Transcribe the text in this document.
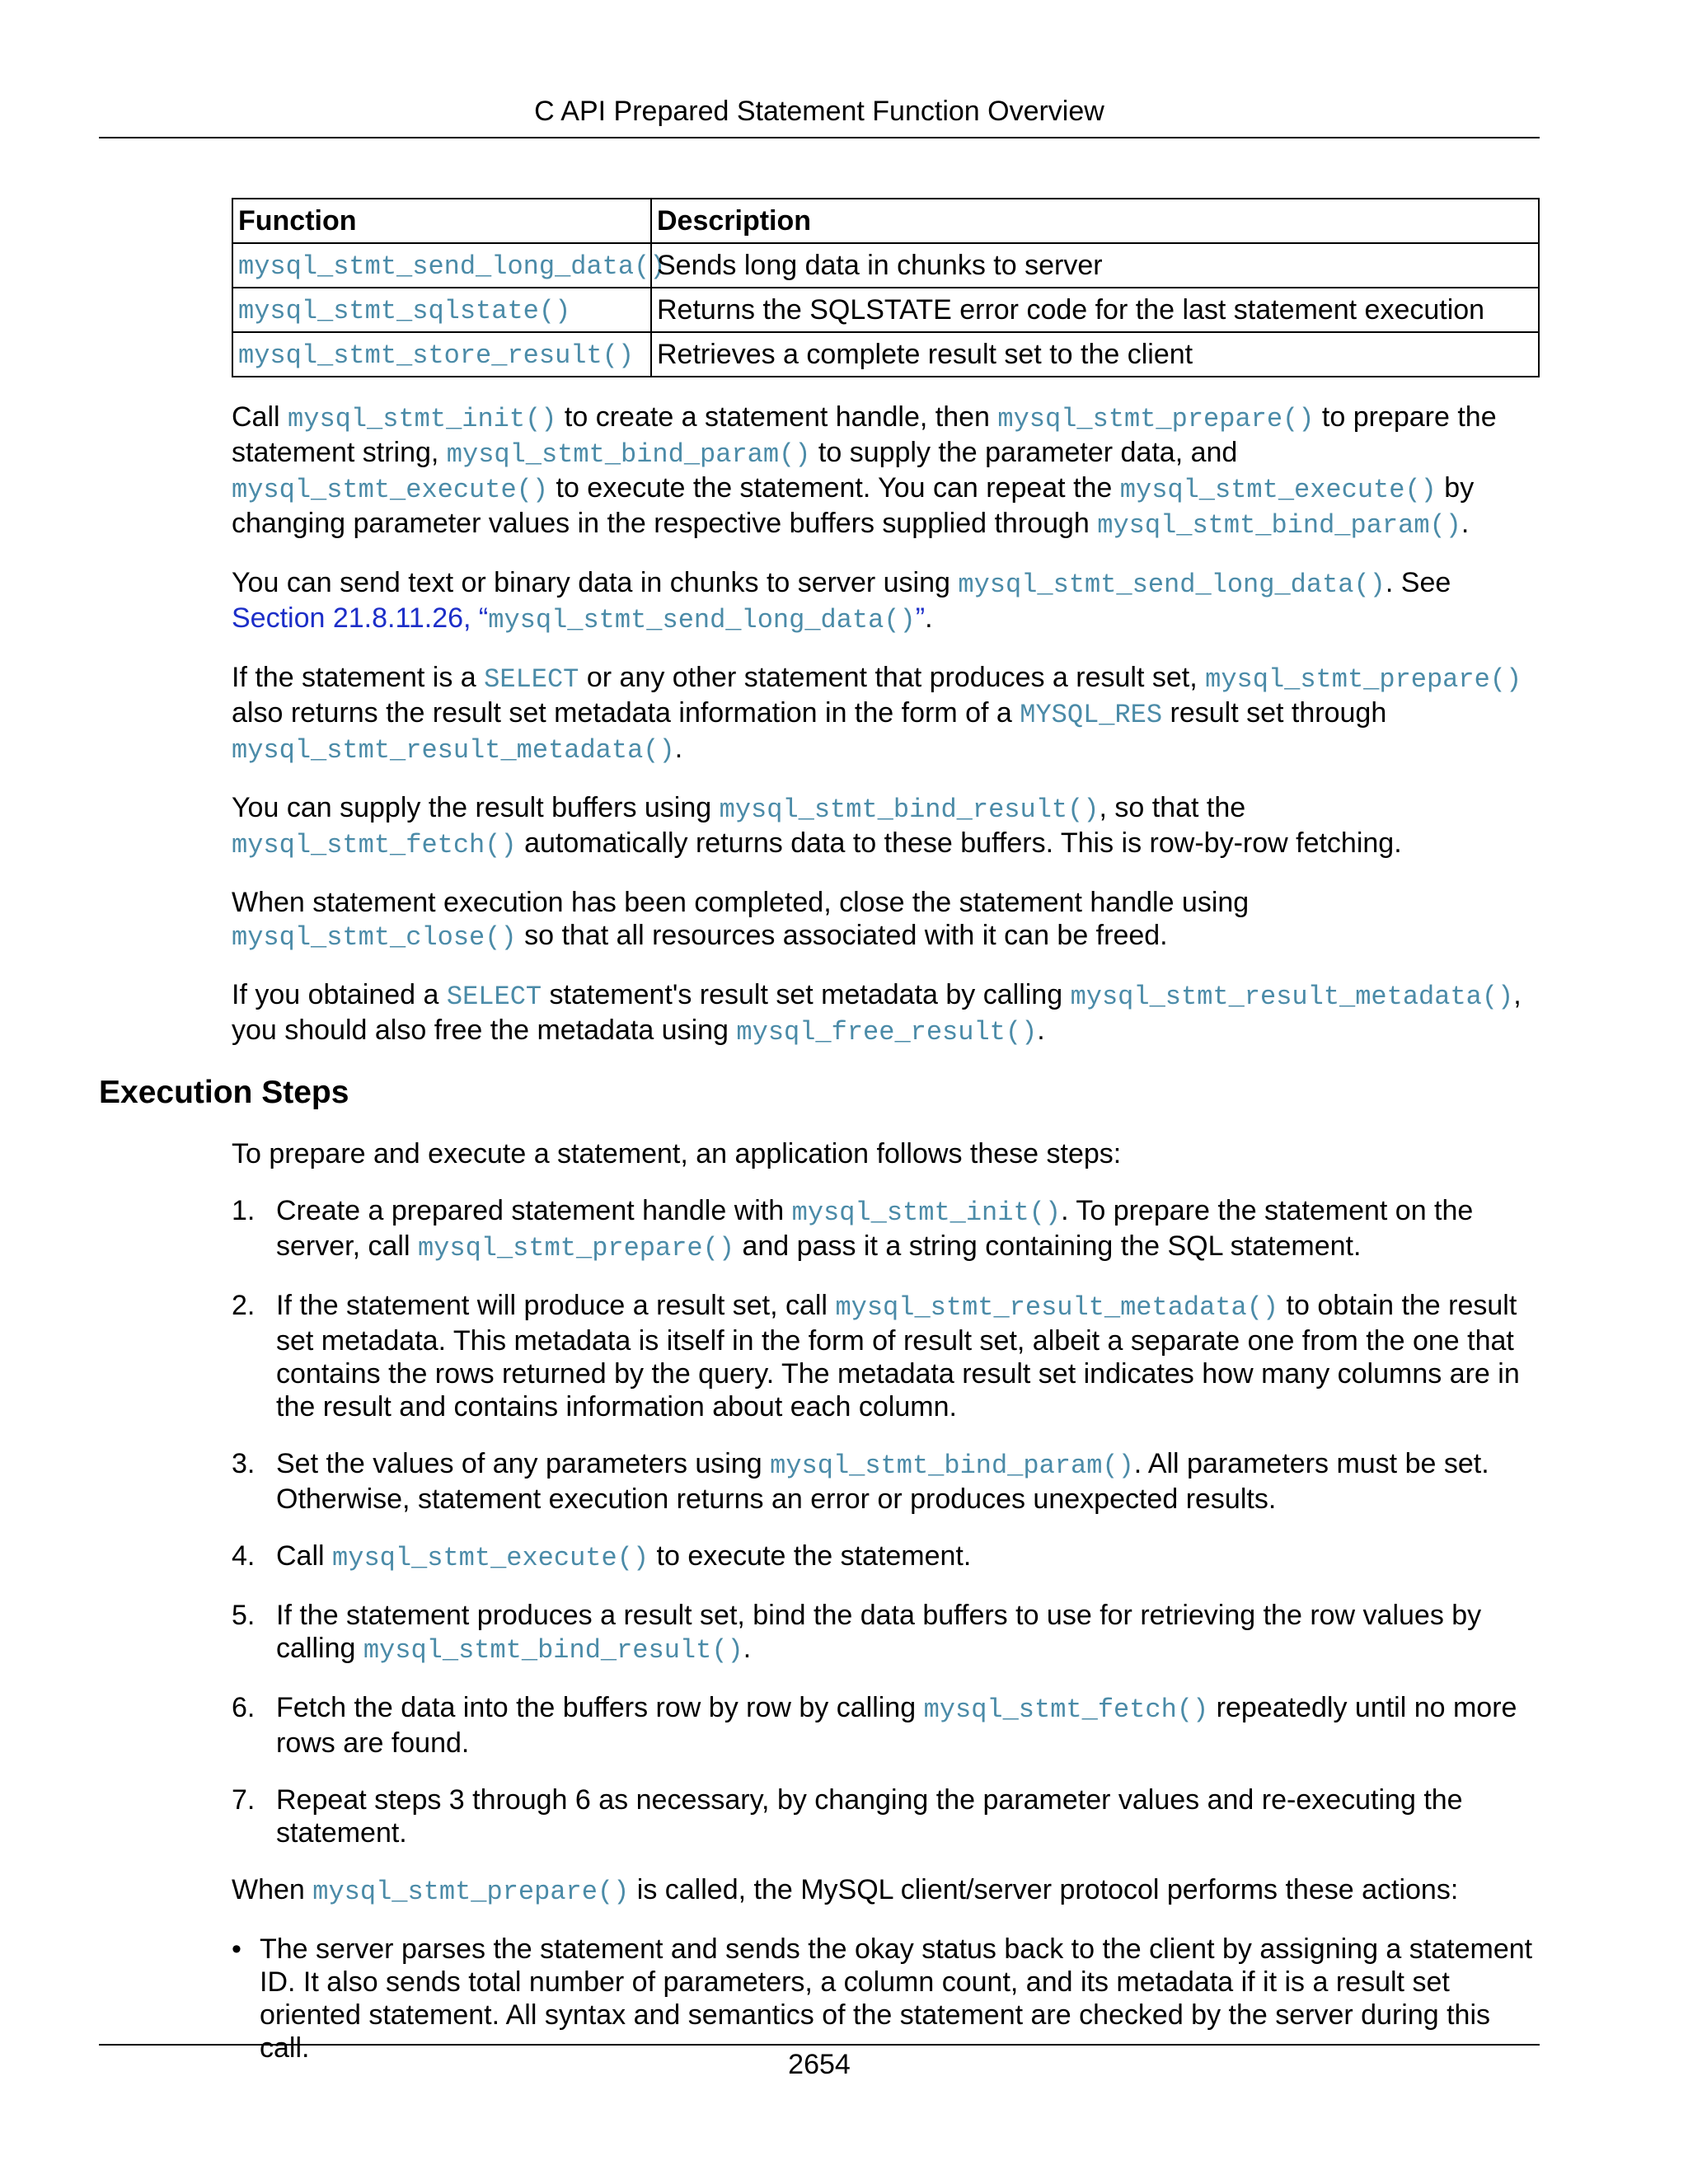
C API Prepared Statement Function Overview
Function	Description
mysql_stmt_send_long_data()	Sends long data in chunks to server
mysql_stmt_sqlstate()	Returns the SQLSTATE error code for the last statement execution
mysql_stmt_store_result()	Retrieves a complete result set to the client

Call mysql_stmt_init() to create a statement handle, then mysql_stmt_prepare() to prepare the statement string, mysql_stmt_bind_param() to supply the parameter data, and mysql_stmt_execute() to execute the statement. You can repeat the mysql_stmt_execute() by changing parameter values in the respective buffers supplied through mysql_stmt_bind_param().

You can send text or binary data in chunks to server using mysql_stmt_send_long_data(). See
Section 21.8.11.26, “mysql_stmt_send_long_data()”.

If the statement is a SELECT or any other statement that produces a result set, mysql_stmt_prepare() also returns the result set metadata information in the form of a MYSQL_RES result set through
mysql_stmt_result_metadata().

You can supply the result buffers using mysql_stmt_bind_result(), so that the
mysql_stmt_fetch() automatically returns data to these buffers. This is row-by-row fetching.

When statement execution has been completed, close the statement handle using mysql_stmt_close() so that all resources associated with it can be freed.

If you obtained a SELECT statement's result set metadata by calling mysql_stmt_result_metadata(), you should also free the metadata using mysql_free_result().

Execution Steps

To prepare and execute a statement, an application follows these steps:

1. Create a prepared statement handle with mysql_stmt_init(). To prepare the statement on the server, call mysql_stmt_prepare() and pass it a string containing the SQL statement.
2. If the statement will produce a result set, call mysql_stmt_result_metadata() to obtain the result set metadata. This metadata is itself in the form of result set, albeit a separate one from the one that contains the rows returned by the query. The metadata result set indicates how many columns are in the result and contains information about each column.
3. Set the values of any parameters using mysql_stmt_bind_param(). All parameters must be set. Otherwise, statement execution returns an error or produces unexpected results.
4. Call mysql_stmt_execute() to execute the statement.
5. If the statement produces a result set, bind the data buffers to use for retrieving the row values by calling mysql_stmt_bind_result().
6. Fetch the data into the buffers row by row by calling mysql_stmt_fetch() repeatedly until no more rows are found.
7. Repeat steps 3 through 6 as necessary, by changing the parameter values and re-executing the statement.

When mysql_stmt_prepare() is called, the MySQL client/server protocol performs these actions:

• The server parses the statement and sends the okay status back to the client by assigning a statement ID. It also sends total number of parameters, a column count, and its metadata if it is a result set oriented statement. All syntax and semantics of the statement are checked by the server during this call.
2654
